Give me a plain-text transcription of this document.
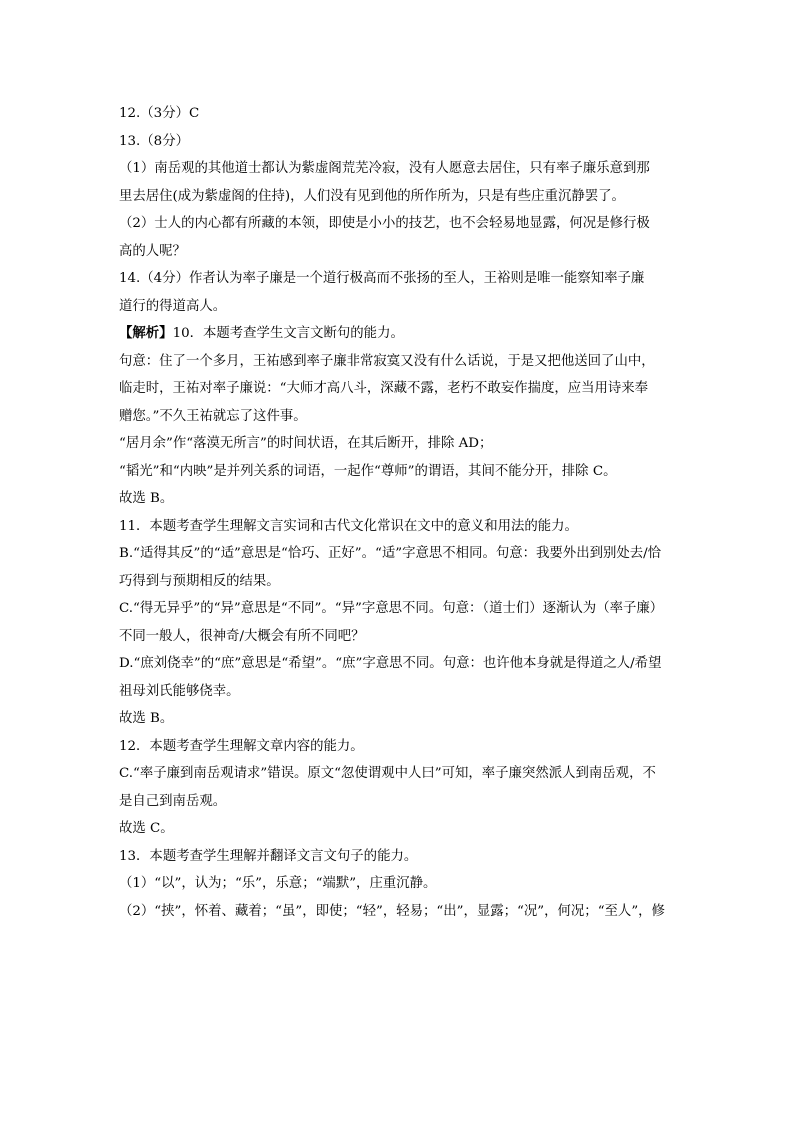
12.（3分）C
13.（8分）
（1）南岳观的其他道士都认为紫虚阁荒芜冷寂，没有人愿意去居住，只有率子廉乐意到那
里去居住(成为紫虚阁的住持)，人们没有见到他的所作所为，只是有些庄重沉静罢了。
（2）士人的内心都有所藏的本领，即使是小小的技艺，也不会轻易地显露，何况是修行极
高的人呢？
14.（4分）作者认为率子廉是一个道行极高而不张扬的至人，王裕则是唯一能察知率子廉
道行的得道高人。
【解析】10．本题考查学生文言文断句的能力。
句意：住了一个多月，王祐感到率子廉非常寂寞又没有什么话说，于是又把他送回了山中，
临走时，王祐对率子廉说：“大师才高八斗，深藏不露，老朽不敢妄作揣度，应当用诗来奉
赠您。”不久王祐就忘了这件事。
“居月余”作“落漠无所言”的时间状语，在其后断开，排除 AD；
“韬光”和“内映”是并列关系的词语，一起作“尊师”的谓语，其间不能分开，排除 C。
故选 B。
11．本题考查学生理解文言实词和古代文化常识在文中的意义和用法的能力。
B.“适得其反”的“适”意思是“恰巧、正好”。“适”字意思不相同。句意：我要外出到别处去/恰
巧得到与预期相反的结果。
C.“得无异乎”的“异”意思是“不同”。“异”字意思不同。句意：（道士们）逐渐认为（率子廉）
不同一般人，很神奇/大概会有所不同吧？
D.“庶刘侥幸”的“庶”意思是“希望”。“庶”字意思不同。句意：也许他本身就是得道之人/希望
祖母刘氏能够侥幸。
故选 B。
12．本题考查学生理解文章内容的能力。
C.“率子廉到南岳观请求”错误。原文“忽使谓观中人曰”可知，率子廉突然派人到南岳观，不
是自己到南岳观。
故选 C。
13．本题考查学生理解并翻译文言文句子的能力。
（1）“以”，认为；“乐”，乐意；“端默”，庄重沉静。
（2）“挟”，怀着、藏着；“虽”，即使；“轻”，轻易；“出”，显露；“况”，何况；“至人”，修
